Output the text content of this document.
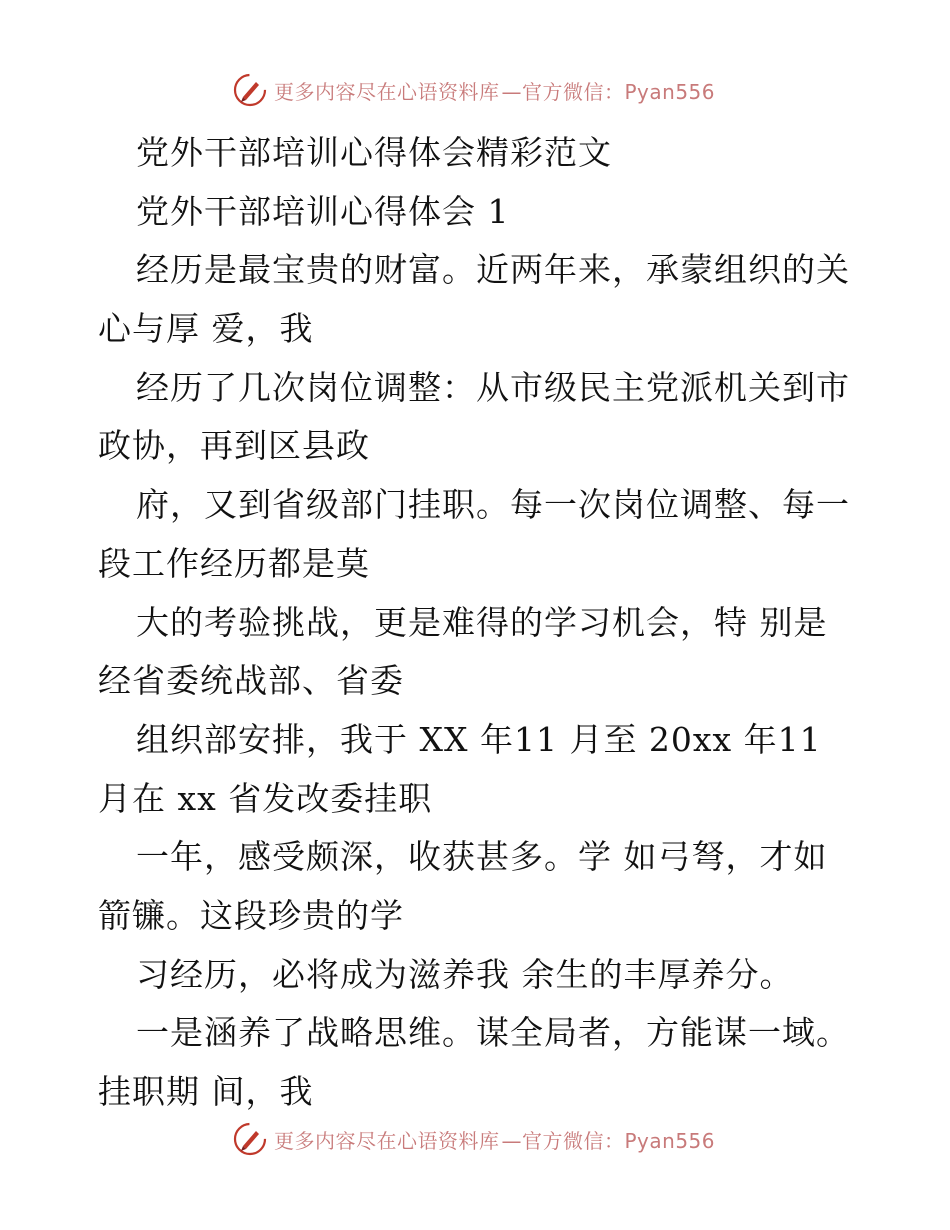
更多内容尽在心语资料库 —官方微信：Pyan556
党外干部培训心得体会精彩范文
党外干部培训心得体会 1
经历是最宝贵的财富。近两年来，承蒙组织的关
心与厚 爱，我
经历了几次岗位调整：从市级民主党派机关到市
政协，再到区县政
府，又到省级部门挂职。每一次岗位调整、每一
段工作经历都是莫
大的考验挑战，更是难得的学习机会，特 别是
经省委统战部、省委
组织部安排，我于 XX 年11 月至 20xx 年11
月在 xx 省发改委挂职
一年，感受颇深，收获甚多。学 如弓弩，才如
箭镰。这段珍贵的学
习经历，必将成为滋养我 余生的丰厚养分。
一是涵养了战略思维。谋全局者，方能谋一域。
挂职期 间，我
更多内容尽在心语资料库 —官方微信：Pyan556
